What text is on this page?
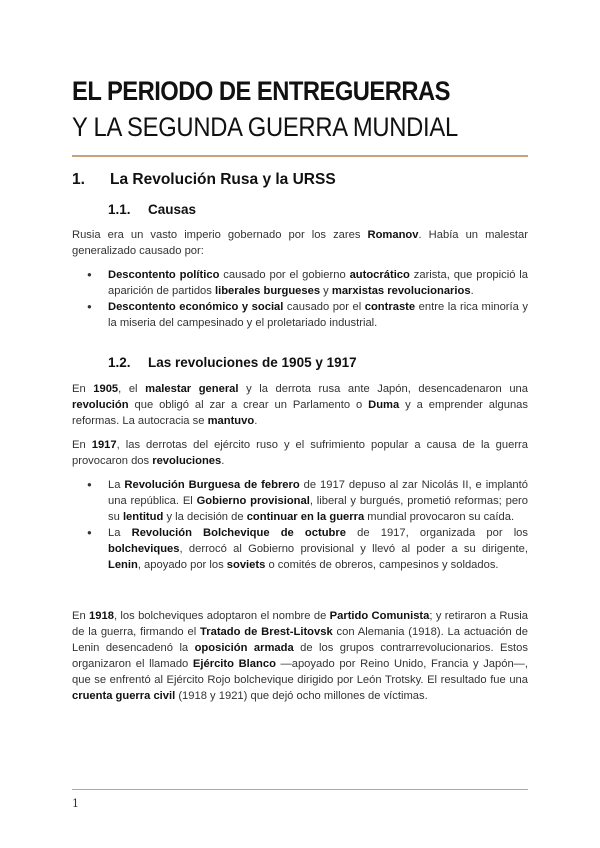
EL PERIODO DE ENTREGUERRAS
Y LA SEGUNDA GUERRA MUNDIAL
1. La Revolución Rusa y la URSS
1.1. Causas
Rusia era un vasto imperio gobernado por los zares Romanov. Había un malestar generalizado causado por:
● Descontento político causado por el gobierno autocrático zarista, que propició la aparición de partidos liberales burgueses y marxistas revolucionarios.
● Descontento económico y social causado por el contraste entre la rica minoría y la miseria del campesinado y el proletariado industrial.
1.2. Las revoluciones de 1905 y 1917
En 1905, el malestar general y la derrota rusa ante Japón, desencadenaron una revolución que obligó al zar a crear un Parlamento o Duma y a emprender algunas reformas. La autocracia se mantuvo.
En 1917, las derrotas del ejército ruso y el sufrimiento popular a causa de la guerra provocaron dos revoluciones.
● La Revolución Burguesa de febrero de 1917 depuso al zar Nicolás II, e implantó una república. El Gobierno provisional, liberal y burgués, prometió reformas; pero su lentitud y la decisión de continuar en la guerra mundial provocaron su caída.
● La Revolución Bolchevique de octubre de 1917, organizada por los bolcheviques, derrocó al Gobierno provisional y llevó al poder a su dirigente, Lenin, apoyado por los soviets o comités de obreros, campesinos y soldados.
En 1918, los bolcheviques adoptaron el nombre de Partido Comunista; y retiraron a Rusia de la guerra, firmando el Tratado de Brest-Litovsk con Alemania (1918). La actuación de Lenin desencadenó la oposición armada de los grupos contrarrevolucionarios. Estos organizaron el llamado Ejército Blanco —apoyado por Reino Unido, Francia y Japón—, que se enfrentó al Ejército Rojo bolchevique dirigido por León Trotsky. El resultado fue una cruenta guerra civil (1918 y 1921) que dejó ocho millones de víctimas.
1
